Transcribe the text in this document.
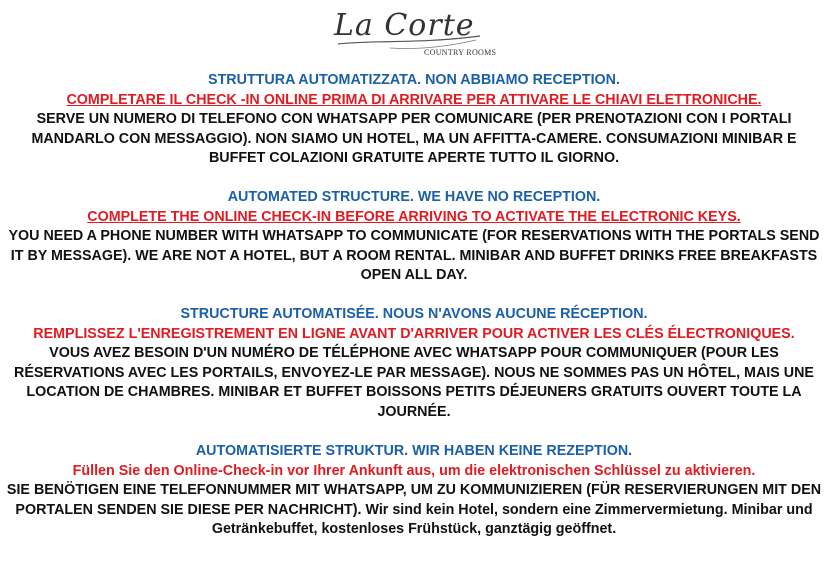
La Corte
COUNTRY ROOMS

STRUTTURA AUTOMATIZZATA. NON ABBIAMO RECEPTION.

COMPLETARE IL CHECK -IN ONLINE PRIMA DI ARRIVARE PER ATTIVARE LE CHIAVI ELETTRONICHE.

SERVE UN NUMERO DI TELEFONO CON WHATSAPP PER COMUNICARE (PER PRENOTAZIONI CON I PORTALI MANDARLO CON MESSAGGIO). NON SIAMO UN HOTEL, MA UN AFFITTA-CAMERE. CONSUMAZIONI MINIBAR E BUFFET COLAZIONI GRATUITE APERTE TUTTO IL GIORNO.

AUTOMATED STRUCTURE. WE HAVE NO RECEPTION.

COMPLETE THE ONLINE CHECK-IN BEFORE ARRIVING TO ACTIVATE THE ELECTRONIC KEYS.

YOU NEED A PHONE NUMBER WITH WHATSAPP TO COMMUNICATE (FOR RESERVATIONS WITH THE PORTALS SEND IT BY MESSAGE). WE ARE NOT A HOTEL, BUT A ROOM RENTAL. MINIBAR AND BUFFET DRINKS FREE BREAKFASTS OPEN ALL DAY.

STRUCTURE AUTOMATISÉE. NOUS N'AVONS AUCUNE RÉCEPTION.

REMPLISSEZ L'ENREGISTREMENT EN LIGNE AVANT D'ARRIVER POUR ACTIVER LES CLÉS ÉLECTRONIQUES.

VOUS AVEZ BESOIN D'UN NUMÉRO DE TÉLÉPHONE AVEC WHATSAPP POUR COMMUNIQUER (POUR LES RÉSERVATIONS AVEC LES PORTAILS, ENVOYEZ-LE PAR MESSAGE). NOUS NE SOMMES PAS UN HÔTEL, MAIS UNE LOCATION DE CHAMBRES. MINIBAR ET BUFFET BOISSONS PETITS DÉJEUNERS GRATUITS OUVERT TOUTE LA JOURNÉE.

AUTOMATISIERTE STRUKTUR. WIR HABEN KEINE REZEPTION.

Füllen Sie den Online-Check-in vor Ihrer Ankunft aus, um die elektronischen Schlüssel zu aktivieren.

SIE BENÖTIGEN EINE TELEFONNUMMER MIT WHATSAPP, UM ZU KOMMUNIZIEREN (FÜR RESERVIERUNGEN MIT DEN PORTALEN SENDEN SIE DIESE PER NACHRICHT). Wir sind kein Hotel, sondern eine Zimmervermietung. Minibar und Getränkebuffet, kostenloses Frühstück, ganztägig geöffnet.
